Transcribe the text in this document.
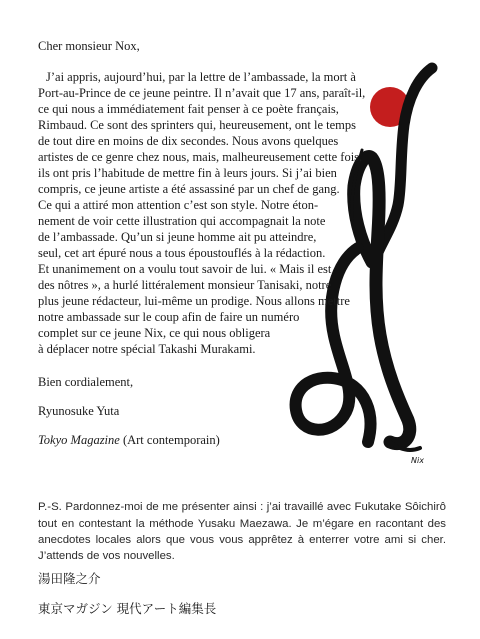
Nix

Cher monsieur Nox,

J’ai appris, aujourd’hui, par la lettre de l’ambassade, la mort à
Port-au-Prince de ce jeune peintre. Il n’avait que 17 ans, paraît-il,
ce qui nous a immédiatement fait penser à ce poète français,
Rimbaud. Ce sont des sprinters qui, heureusement, ont le temps
de tout dire en moins de dix secondes. Nous avons quelques
artistes de ce genre chez nous, mais, malheureusement cette fois,
ils ont pris l’habitude de mettre fin à leurs jours. Si j’ai bien
compris, ce jeune artiste a été assassiné par un chef de gang.
Ce qui a attiré mon attention c’est son style. Notre éton-
nement de voir cette illustration qui accompagnait la note
de l’ambassade. Qu’un si jeune homme ait pu atteindre,
seul, cet art épuré nous a tous époustouflés à la rédaction.
Et unanimement on a voulu tout savoir de lui. « Mais il est
des nôtres », a hurlé littéralement monsieur Tanisaki, notre
plus jeune rédacteur, lui-même un prodige. Nous allons mettre
notre ambassade sur le coup afin de faire un numéro
complet sur ce jeune Nix, ce qui nous obligera
à déplacer notre spécial Takashi Murakami.

Bien cordialement,

Ryunosuke Yuta

Tokyo Magazine (Art contemporain)

P.-S. Pardonnez-moi de me présenter ainsi : j’ai travaillé avec Fukutake Sôichirô tout en contestant la méthode Yusaku Maezawa. Je m’égare en racontant des anecdotes locales alors que vous vous apprêtez à enterrer votre ami si cher. J’attends de vos nouvelles.

湯田隆之介
東京マガジン 現代アート編集長
